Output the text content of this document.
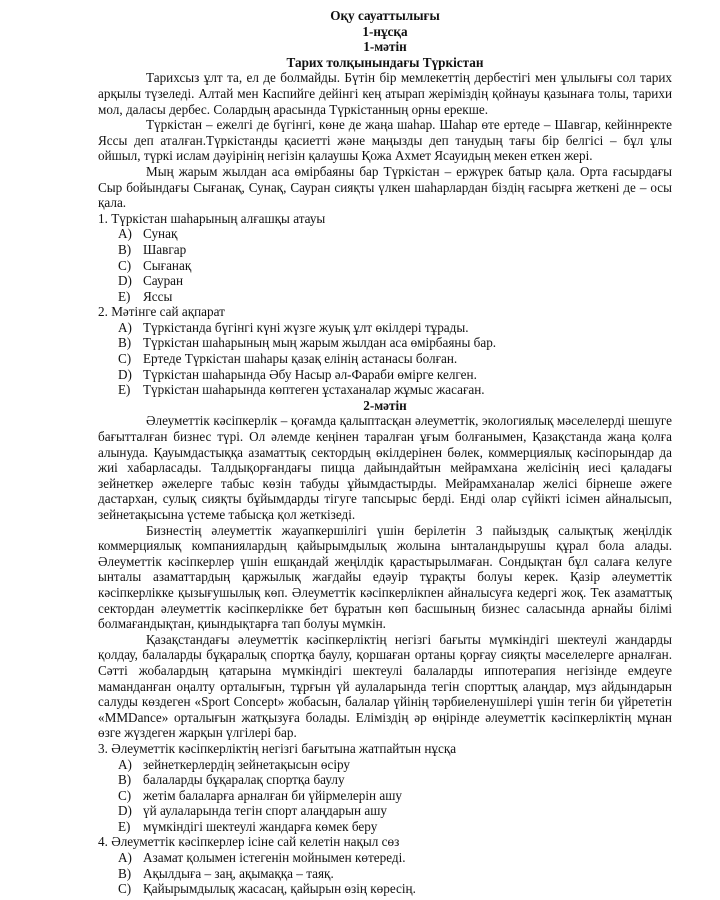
Оқу сауаттылығы
1-нұсқа
1-мәтін
Тарих толқынындағы Түркістан

Тарихсыз ұлт та, ел де болмайды. Бүтін бір мемлекеттің дербестігі мен ұлылығы сол тарих арқылы түзеледі. Алтай мен Каспийге дейінгі кең атырап жеріміздің қойнауы қазынаға толы, тарихи мол, даласы дербес. Солардың арасында Түркістанның орны ерекше.

Түркістан – ежелгі де бүгінгі, көне де жаңа шаһар. Шаһар өте ертеде – Шавгар, кейіннректе Яссы деп аталған.Түркістанды қасиетті және маңызды деп танудың тағы бір белгісі – бұл ұлы ойшыл, түркі ислам дәуірінің негізін қалаушы Қожа Ахмет Ясауидың мекен еткен жері.

Мың жарым жылдан аса өмірбаяны бар Түркістан – ержүрек батыр қала. Орта ғасырдағы Сыр бойындағы Сығанақ, Сунақ, Сауран сияқты үлкен шаһарлардан біздің ғасырға жеткені де – осы қала.

1. Түркістан шаһарының алғашқы атауы
А) Сунақ
В) Шавгар
С) Сығанақ
D) Сауран
Е) Яссы
2. Мәтінге сай ақпарат
А) Түркістанда бүгінгі күні жүзге жуық ұлт өкілдері тұрады.
В) Түркістан шаһарының мың жарым жылдан аса өмірбаяны бар.
С) Ертеде Түркістан шаһары қазақ елінің астанасы болған.
D) Түркістан шаһарында Әбу Насыр әл-Фараби өмірге келген.
Е) Түркістан шаһарында көптеген ұстаханалар жұмыс жасаған.
2-мәтін

Әлеуметтік кәсіпкерлік – қоғамда қалыптасқан әлеуметтік, экологиялық мәселелерді шешуге бағытталған бизнес түрі. Ол әлемде кеңінен таралған ұғым болғанымен, Қазақстанда жаңа қолға алынуда. Қауымдастыққа азаматтық сектордың өкілдерінен бөлек, коммерциялық кәсіпорындар да жиі хабарласады. Талдықорғандағы пицца дайындайтын мейрамхана желісінің иесі қаладағы зейнеткер әжелерге табыс көзін табуды ұйымдастырды. Мейрамханалар желісі бірнеше әжеге дастархан, сулық сияқты бұйымдарды тігуге тапсырыс берді. Енді олар сүйікті ісімен айналысып, зейнетақысына үстеме табысқа қол жеткізеді.

Бизнестің әлеуметтік жауапкершілігі үшін берілетін 3 пайыздық салықтық жеңілдік коммерциялық компаниялардың қайырымдылық жолына ынталандырушы құрал бола алады. Әлеуметтік кәсіпкерлер үшін ешқандай жеңілдік қарастырылмаған. Сондықтан бұл салаға келуге ынталы азаматтардың қаржылық жағдайы едәуір тұрақты болуы керек. Қазір әлеуметтік кәсіпкерлікке қызығушылық көп. Әлеуметтік кәсіпкерлікпен айналысуға кедергі жоқ. Тек азаматтық сектордан әлеуметтік кәсіпкерлікке бет бұратын көп басшының бизнес саласында арнайы білімі болмағандықтан, қиындықтарға тап болуы мүмкін.

Қазақстандағы әлеуметтік кәсіпкерліктің негізгі бағыты мүмкіндігі шектеулі жандарды қолдау, балаларды бұқаралық спортқа баулу, қоршаған ортаны қорғау сияқты мәселелерге арналған. Сәтті жобалардың қатарына мүмкіндігі шектеулі балаларды иппотерапия негізінде емдеуге маманданған оңалту орталығын, тұрғын үй аулаларында тегін спорттық алаңдар, мұз айдындарын салуды көздеген «Sport Concept» жобасын, балалар үйінің тәрбиеленушілері үшін тегін би үйрететін «MMDance» орталығын жатқызуға болады. Еліміздің әр өңірінде әлеуметтік кәсіпкерліктің мұнан өзге жүздеген жарқын үлгілері бар.

3. Әлеуметтік кәсіпкерліктің негізгі бағытына жатпайтын нұсқа
А) зейнеткерлердің зейнетақысын өсіру
В) балаларды бұқаралақ спортқа баулу
С) жетім балаларға арналған би үйірмелерін ашу
D) үй аулаларында тегін спорт алаңдарын ашу
Е) мүмкіндігі шектеулі жандарға көмек беру
4. Әлеуметтік кәсіпкерлер ісіне сай келетін нақыл сөз
А) Азамат қолымен істегенін мойнымен көтереді.
В) Ақылдыға – заң, ақымаққа – таяқ.
С) Қайырымдылық жасасаң, қайырын өзің көресің.
